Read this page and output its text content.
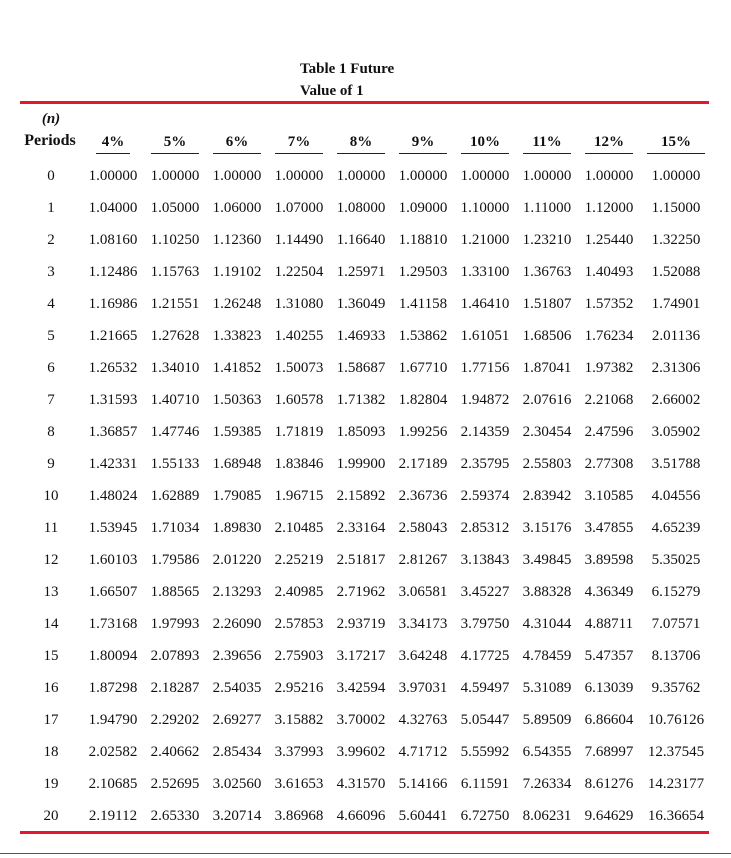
Table 1 Future
Value of 1
(n)
Periods	4%	5%	6%	7%	8%	9%	10%	11%	12%	15%
0	1.00000 1.00000 1.00000 1.00000 1.00000 1.00000 1.00000 1.00000 1.00000	1.00000
1	1.04000 1.05000 1.06000 1.07000 1.08000 1.09000 1.10000 1.11000 1.12000	1.15000
2	1.08160 1.10250 1.12360 1.14490 1.16640 1.18810 1.21000 1.23210 1.25440	1.32250
3	1.12486 1.15763 1.19102 1.22504 1.25971 1.29503 1.33100 1.36763 1.40493	1.52088
4	1.16986 1.21551 1.26248 1.31080 1.36049 1.41158 1.46410 1.51807 1.57352	1.74901
5	1.21665 1.27628 1.33823 1.40255 1.46933 1.53862 1.61051 1.68506 1.76234	2.01136
6	1.26532 1.34010 1.41852 1.50073 1.58687 1.67710 1.77156 1.87041 1.97382	2.31306
7	1.31593 1.40710 1.50363 1.60578 1.71382 1.82804 1.94872 2.07616 2.21068	2.66002
8	1.36857 1.47746 1.59385 1.71819 1.85093 1.99256 2.14359 2.30454 2.47596	3.05902
9	1.42331 1.55133 1.68948 1.83846 1.99900 2.17189 2.35795 2.55803 2.77308	3.51788
10	1.48024 1.62889 1.79085 1.96715 2.15892 2.36736 2.59374 2.83942 3.10585	4.04556
11	1.53945 1.71034 1.89830 2.10485 2.33164 2.58043 2.85312 3.15176 3.47855	4.65239
12	1.60103 1.79586 2.01220 2.25219 2.51817 2.81267 3.13843 3.49845 3.89598	5.35025
13	1.66507 1.88565 2.13293 2.40985 2.71962 3.06581 3.45227 3.88328 4.36349	6.15279
14	1.73168 1.97993 2.26090 2.57853 2.93719 3.34173 3.79750 4.31044 4.88711	7.07571
15	1.80094 2.07893 2.39656 2.75903 3.17217 3.64248 4.17725 4.78459 5.47357	8.13706
16	1.87298 2.18287 2.54035 2.95216 3.42594 3.97031 4.59497 5.31089 6.13039	9.35762
17	1.94790 2.29202 2.69277 3.15882 3.70002 4.32763 5.05447 5.89509 6.86604 10.76126
18	2.02582 2.40662 2.85434 3.37993 3.99602 4.71712 5.55992 6.54355 7.68997 12.37545
19	2.10685 2.52695 3.02560 3.61653 4.31570 5.14166 6.11591 7.26334 8.61276 14.23177
20	2.19112 2.65330 3.20714 3.86968 4.66096 5.60441 6.72750 8.06231 9.64629 16.36654
